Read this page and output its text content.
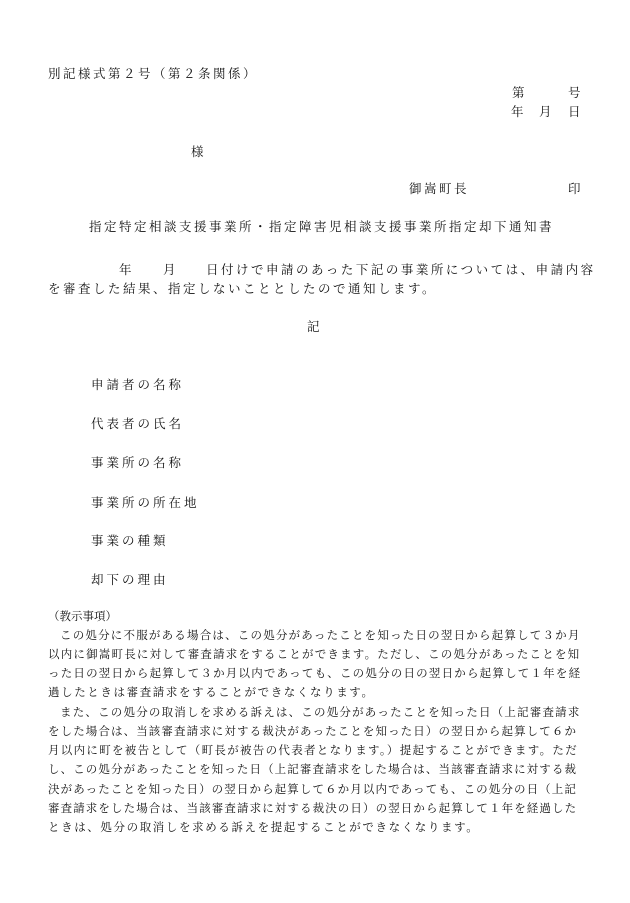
別記様式第２号（第２条関係）
第	号
年 月 日
様
御嵩町長	印
指定特定相談支援事業所・指定障害児相談支援事業所指定却下通知書
年	月 日付けで申請のあった下記の事業所については、申請内容
を審査した結果、指定しないこととしたので通知します。
記
申請者の名称
代表者の氏名
事業所の名称
事業所の所在地
事業の種類
却下の理由
（教示事項）
この処分に不服がある場合は、この処分があったことを知った日の翌日から起算して３か月
以内に御嵩町長に対して審査請求をすることができます。ただし、この処分があったことを知
った日の翌日から起算して３か月以内であっても、この処分の日の翌日から起算して１年を経
過したときは審査請求をすることができなくなります。
また、この処分の取消しを求める訴えは、この処分があったことを知った日（上記審査請求
をした場合は、当該審査請求に対する裁決があったことを知った日）の翌日から起算して６か
月以内に町を被告として（町長が被告の代表者となります。）提起することができます。ただ
し、この処分があったことを知った日（上記審査請求をした場合は、当該審査請求に対する裁
決があったことを知った日）の翌日から起算して６か月以内であっても、この処分の日（上記
審査請求をした場合は、当該審査請求に対する裁決の日）の翌日から起算して１年を経過した
ときは、処分の取消しを求める訴えを提起することができなくなります。
